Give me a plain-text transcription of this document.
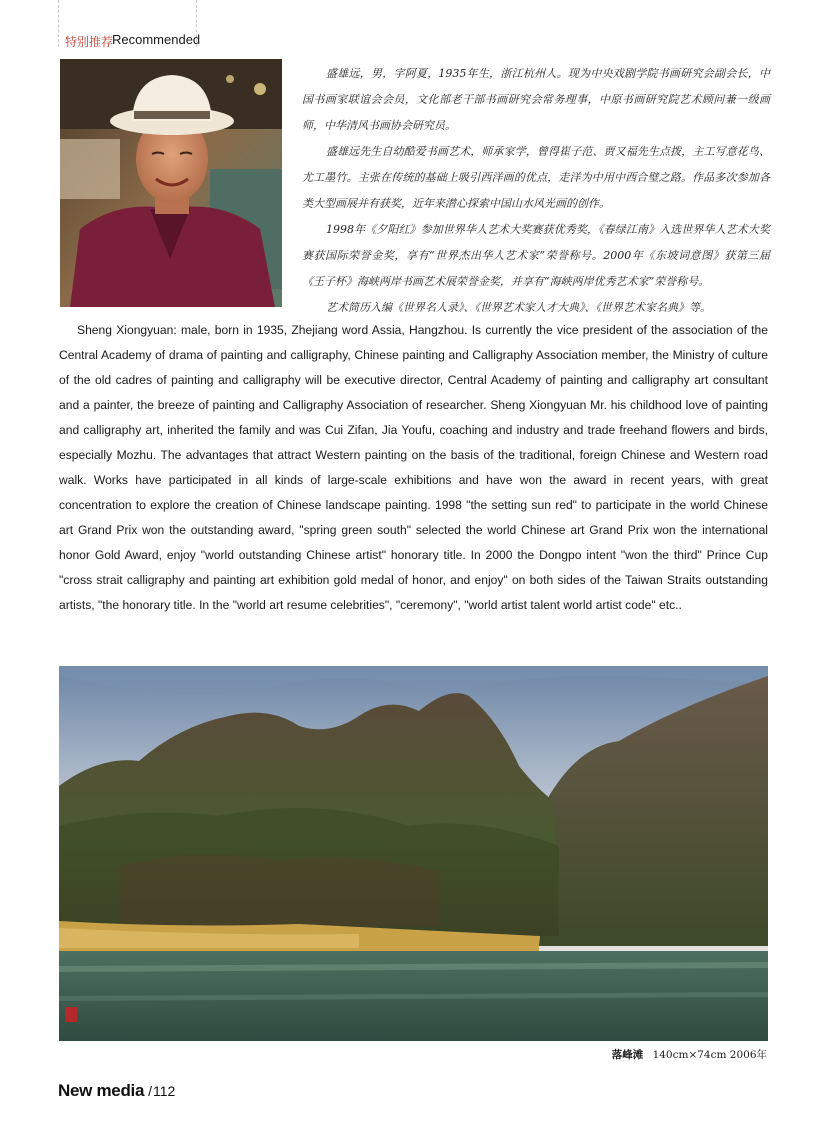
特别推荐
Recommended

盛雄远，男，字阿夏，1935年生，浙江杭州人。现为中央戏剧学院书画研究会副会长，中国书画家联谊会会员，文化部老干部书画研究会常务理事，中原书画研究院艺术顾问兼一级画师，中华清风书画协会研究员。

盛雄远先生自幼酷爱书画艺术，师承家学，曾得崔子范、贾又福先生点拨，主工写意花鸟、尤工墨竹。主张在传统的基础上吸引西洋画的优点，走洋为中用中西合璧之路。作品多次参加各类大型画展并有获奖，近年来潜心探索中国山水风光画的创作。

1998年《夕阳红》参加世界华人艺术大奖赛获优秀奖，《春绿江南》入选世界华人艺术大奖赛获国际荣誉金奖，享有“世界杰出华人艺术家”荣誉称号。2000年《东坡词意图》获第三届《王子杯》海峡两岸书画艺术展荣誉金奖，并享有“海峡两岸优秀艺术家”荣誉称号。

艺术简历入编《世界名人录》、《世界艺术家人才大典》、《世界艺术家名典》等。

Sheng Xiongyuan: male, born in 1935, Zhejiang word Assia, Hangzhou. Is currently the vice president of the association of the Central Academy of drama of painting and calligraphy, Chinese painting and Calligraphy Association member, the Ministry of culture of the old cadres of painting and calligraphy will be executive director, Central Academy of painting and calligraphy art consultant and a painter, the breeze of painting and Calligraphy Association of researcher. Sheng Xiongyuan Mr. his childhood love of painting and calligraphy art, inherited the family and was Cui Zifan, Jia Youfu, coaching and industry and trade freehand flowers and birds, especially Mozhu. The advantages that attract Western painting on the basis of the traditional, foreign Chinese and Western road walk. Works have participated in all kinds of large-scale exhibitions and have won the award in recent years, with great concentration to explore the creation of Chinese landscape painting. 1998 "the setting sun red" to participate in the world Chinese art Grand Prix won the outstanding award, "spring green south" selected the world Chinese art Grand Prix won the international honor Gold Award, enjoy "world outstanding Chinese artist" honorary title. In 2000 the Dongpo intent "won the third" Prince Cup "cross strait calligraphy and painting art exhibition gold medal of honor, and enjoy" on both sides of the Taiwan Straits outstanding artists, "the honorary title. In the "world art resume celebrities", "ceremony", "world artist talent world artist code" etc..

落峰滩 140cm×74cm 2006年
New media / 112
